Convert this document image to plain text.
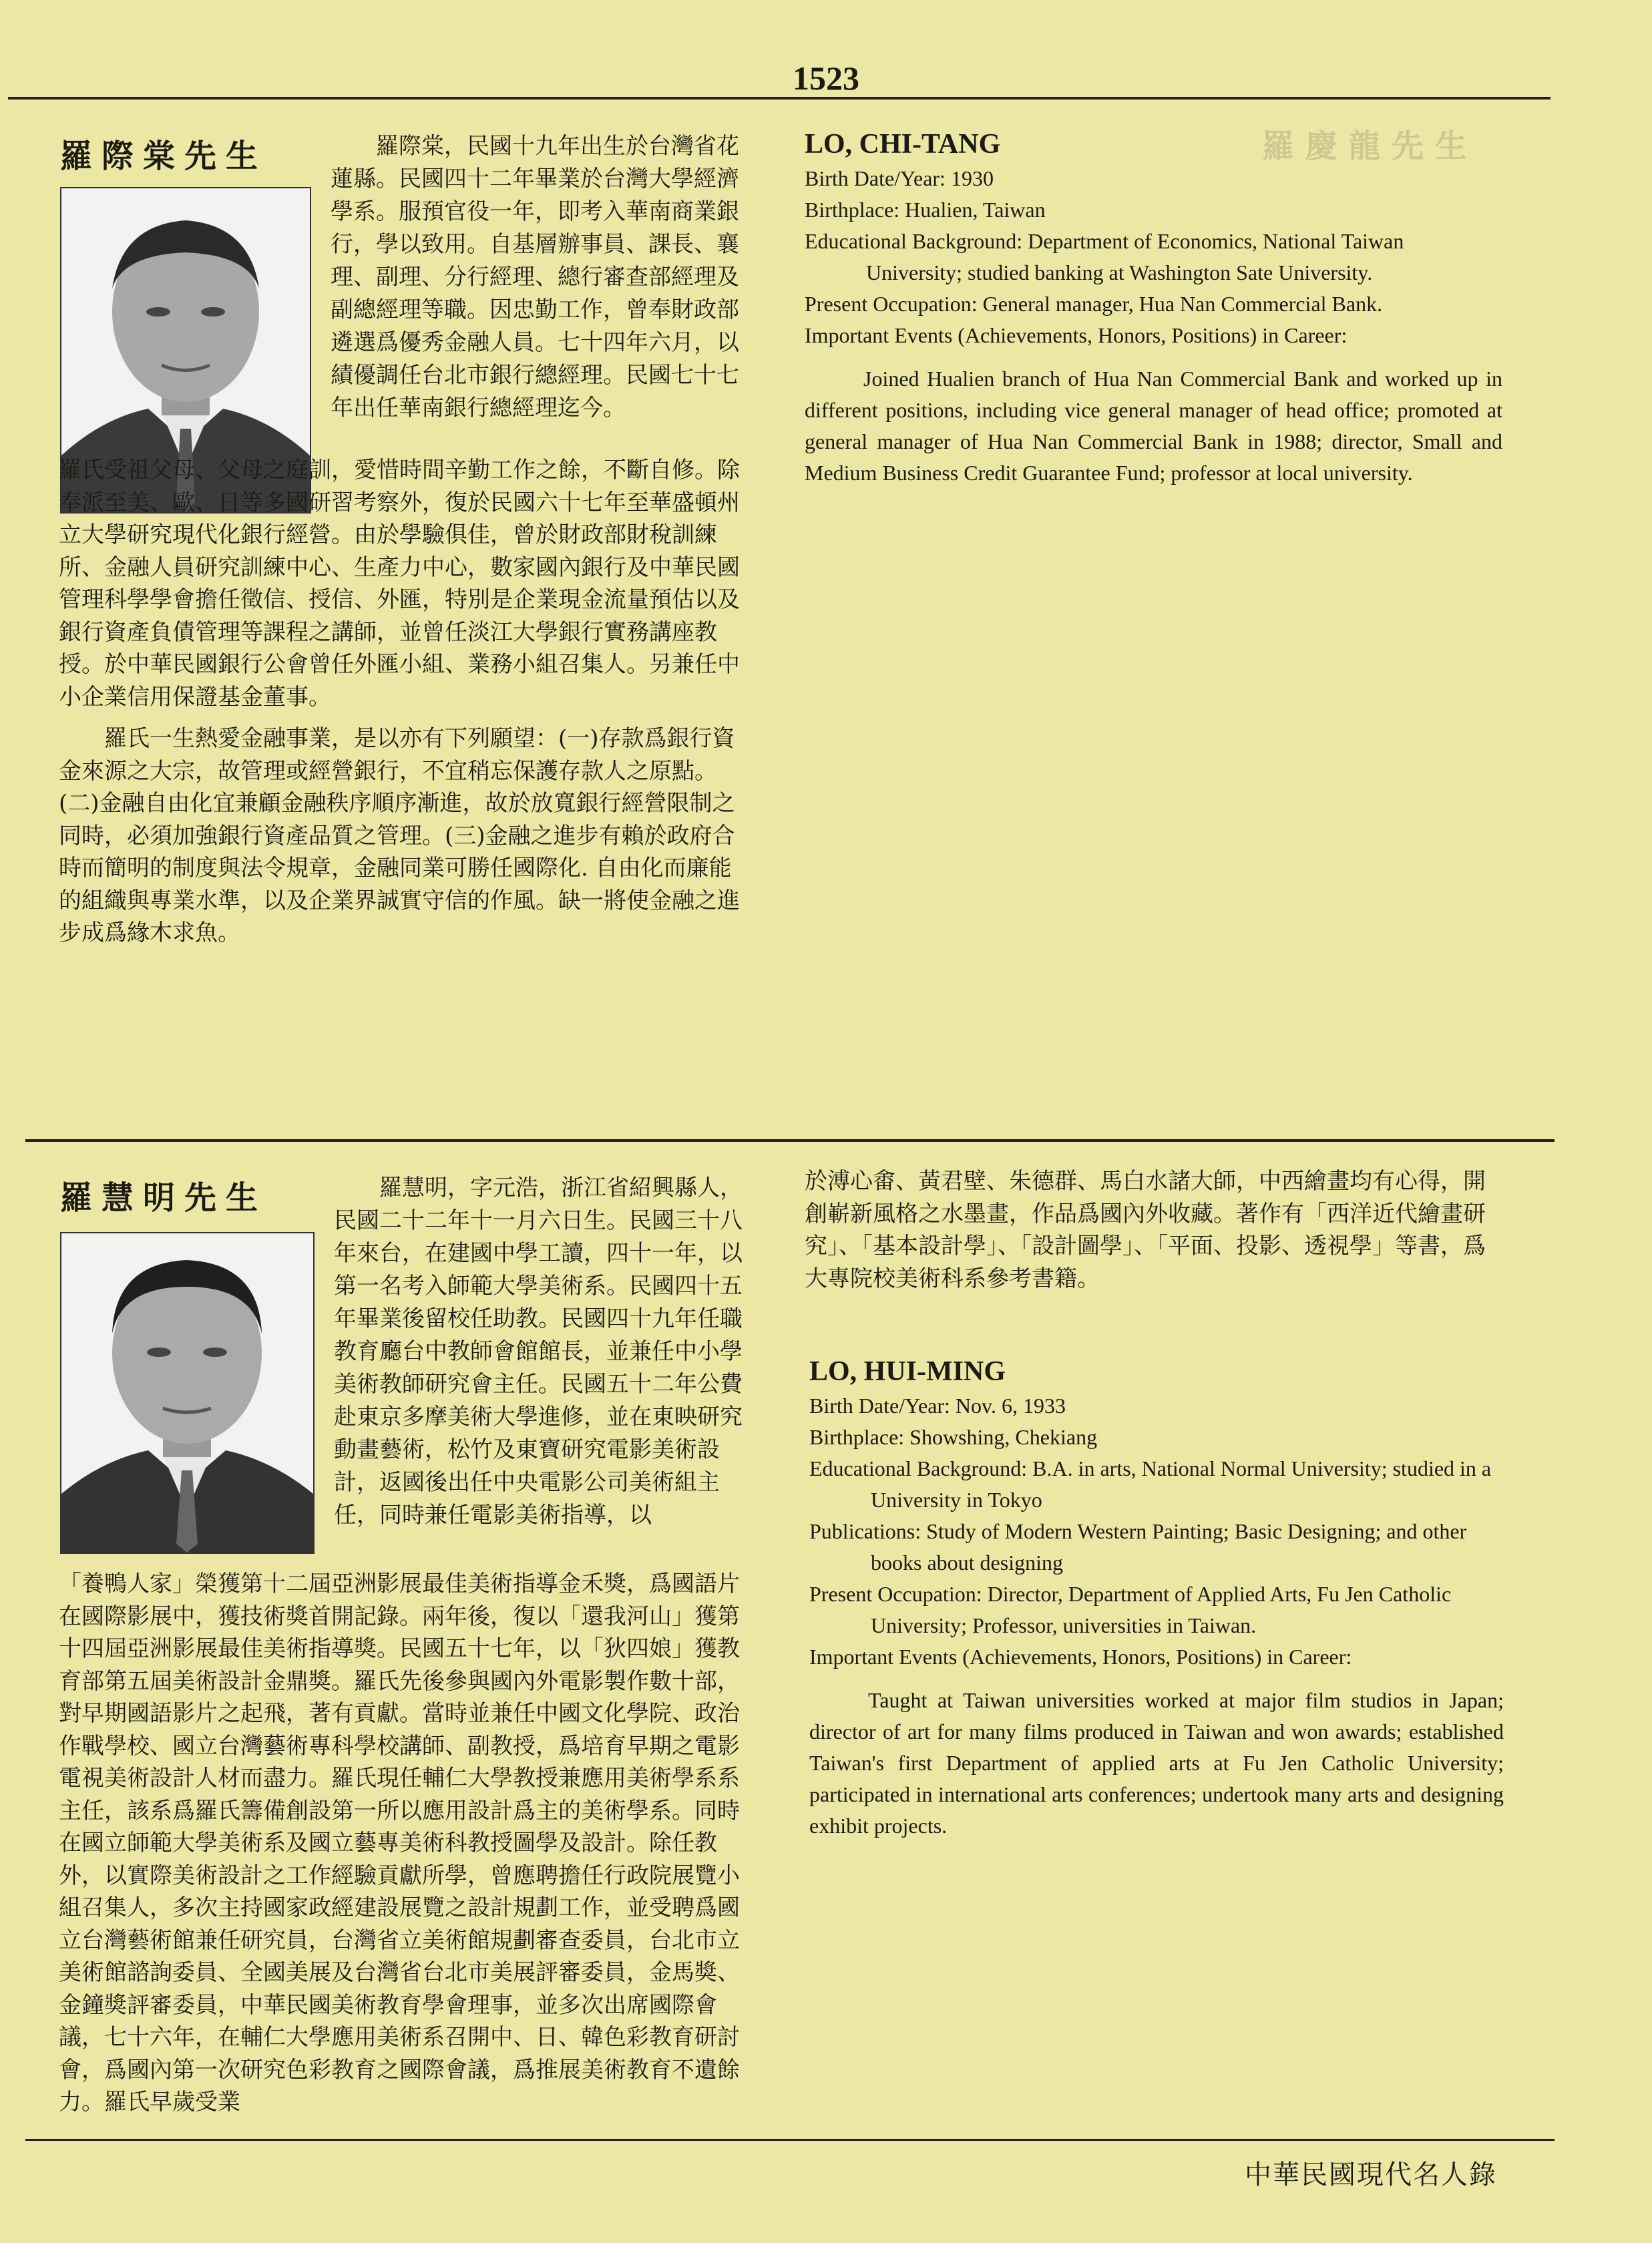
羅 慶 龍 先 生
1523
羅際棠先生	羅際棠，民國十九年出生於台灣省花蓮縣。民國四十二年畢業於台灣大學經濟學系。服預官役一年，即考入華南商業銀行，學以致用。自基層辦事員、課長、襄理、副理、分行經理、總行審查部經理及副總經理等職。因忠勤工作，曾奉財政部遴選爲優秀金融人員。七十四年六月，以績優調任台北市銀行總經理。民國七十七年出任華南銀行總經理迄今。

羅氏受祖父母、父母之庭訓，愛惜時間辛勤工作之餘，不斷自修。除奉派至美、歐、日等多國研習考察外，復於民國六十七年至華盛頓州立大學研究現代化銀行經營。由於學驗俱佳，曾於財政部財稅訓練所、金融人員研究訓練中心、生產力中心，數家國內銀行及中華民國管理科學學會擔任徵信、授信、外匯，特別是企業現金流量預估以及銀行資產負債管理等課程之講師，並曾任淡江大學銀行實務講座教授。於中華民國銀行公會曾任外匯小組、業務小組召集人。另兼任中小企業信用保證基金董事。

羅氏一生熱愛金融事業，是以亦有下列願望：(一)存款爲銀行資金來源之大宗，故管理或經營銀行，不宜稍忘保護存款人之原點。(二)金融自由化宜兼顧金融秩序順序漸進，故於放寬銀行經營限制之同時，必須加強銀行資產品質之管理。(三)金融之進步有賴於政府合時而簡明的制度與法令規章，金融同業可勝任國際化. 自由化而廉能的組織與專業水準，以及企業界誠實守信的作風。缺一將使金融之進步成爲緣木求魚。

LO, CHI-TANG
Birth Date/Year: 1930
Birthplace: Hualien, Taiwan
Educational Background: Department of Economics, National Taiwan University; studied banking at Washington Sate University.
Present Occupation: General manager, Hua Nan Commercial Bank.
Important Events (Achievements, Honors, Positions) in Career:
Joined Hualien branch of Hua Nan Commercial Bank and worked up in different positions, including vice general manager of head office; promoted at general manager of Hua Nan Commercial Bank in 1988; director, Small and Medium Business Credit Guarantee Fund; professor at local university.
羅慧明先生	羅慧明，字元浩，浙江省紹興縣人，民國二十二年十一月六日生。民國三十八年來台，在建國中學工讀，四十一年，以第一名考入師範大學美術系。民國四十五年畢業後留校任助教。民國四十九年任職教育廳台中教師會館館長，並兼任中小學美術教師研究會主任。民國五十二年公費赴東京多摩美術大學進修，並在東映研究動畫藝術，松竹及東寶研究電影美術設計，返國後出任中央電影公司美術組主任，同時兼任電影美術指導，以

「養鴨人家」榮獲第十二屆亞洲影展最佳美術指導金禾獎，爲國語片在國際影展中，獲技術獎首開記錄。兩年後，復以「還我河山」獲第十四屆亞洲影展最佳美術指導獎。民國五十七年，以「狄四娘」獲教育部第五屆美術設計金鼎獎。羅氏先後參與國內外電影製作數十部，對早期國語影片之起飛，著有貢獻。當時並兼任中國文化學院、政治作戰學校、國立台灣藝術專科學校講師、副教授，爲培育早期之電影電視美術設計人材而盡力。羅氏現任輔仁大學教授兼應用美術學系系主任，該系爲羅氏籌備創設第一所以應用設計爲主的美術學系。同時在國立師範大學美術系及國立藝專美術科教授圖學及設計。除任教外，以實際美術設計之工作經驗貢獻所學，曾應聘擔任行政院展覽小組召集人，多次主持國家政經建設展覽之設計規劃工作，並受聘爲國立台灣藝術館兼任研究員，台灣省立美術館規劃審查委員，台北市立美術館諮詢委員、全國美展及台灣省台北市美展評審委員，金馬獎、金鐘獎評審委員，中華民國美術教育學會理事，並多次出席國際會議，七十六年，在輔仁大學應用美術系召開中、日、韓色彩教育研討會，爲國內第一次研究色彩教育之國際會議，爲推展美術教育不遺餘力。羅氏早歲受業

於溥心畬、黃君壁、朱德群、馬白水諸大師，中西繪畫均有心得，開創嶄新風格之水墨畫，作品爲國內外收藏。著作有「西洋近代繪畫研究」、「基本設計學」、「設計圖學」、「平面、投影、透視學」等書，爲大專院校美術科系參考書籍。

LO, HUI-MING
Birth Date/Year: Nov. 6, 1933
Birthplace: Showshing, Chekiang
Educational Background: B.A. in arts, National Normal University; studied in a University in Tokyo
Publications: Study of Modern Western Painting; Basic Designing; and other books about designing
Present Occupation: Director, Department of Applied Arts, Fu Jen Catholic University; Professor, universities in Taiwan.
Important Events (Achievements, Honors, Positions) in Career:
Taught at Taiwan universities worked at major film studios in Japan; director of art for many films produced in Taiwan and won awards; established Taiwan's first Department of applied arts at Fu Jen Catholic University; participated in international arts conferences; undertook many arts and designing exhibit projects.
中華民國現代名人錄
